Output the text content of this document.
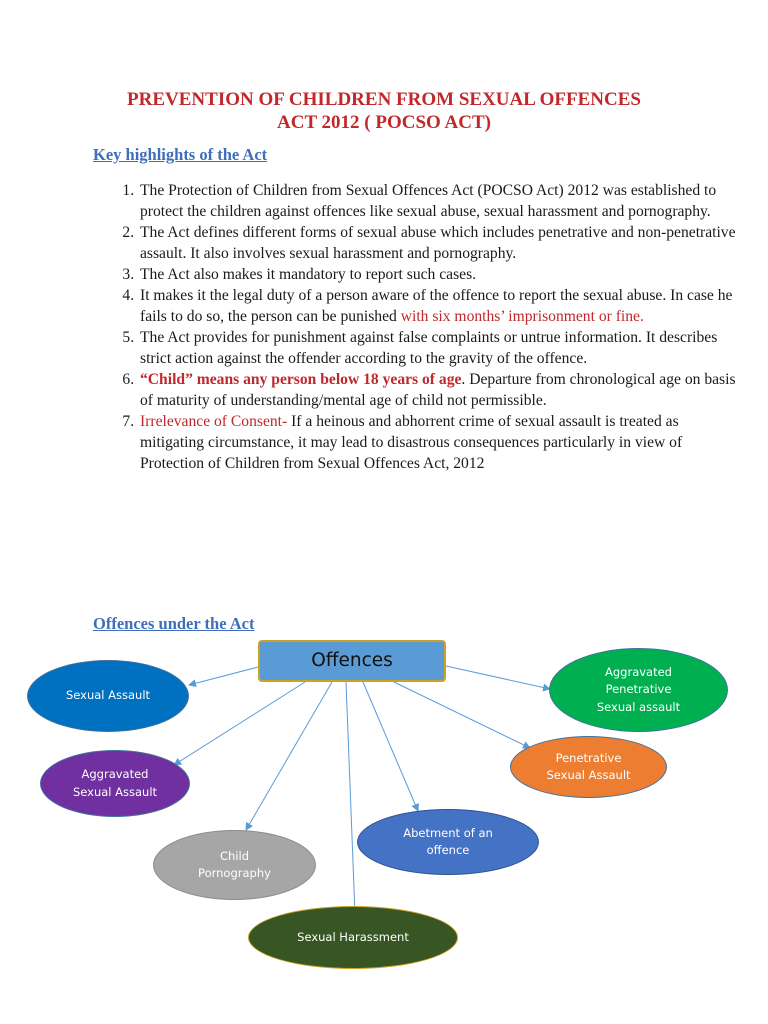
PREVENTION OF CHILDREN FROM SEXUAL OFFENCES
ACT 2012 ( POCSO ACT)
Key highlights of the Act
1. The Protection of Children from Sexual Offences Act (POCSO Act) 2012 was established to protect the children against offences like sexual abuse, sexual harassment and pornography.
2. The Act defines different forms of sexual abuse which includes penetrative and non-penetrative assault. It also involves sexual harassment and pornography.
3. The Act also makes it mandatory to report such cases.
4. It makes it the legal duty of a person aware of the offence to report the sexual abuse. In case he fails to do so, the person can be punished with six months’ imprisonment or fine.
5. The Act provides for punishment against false complaints or untrue information. It describes strict action against the offender according to the gravity of the offence.
6. “Child” means any person below 18 years of age. Departure from chronological age on basis of maturity of understanding/mental age of child not permissible.
7. Irrelevance of Consent- If a heinous and abhorrent crime of sexual assault is treated as mitigating circumstance, it may lead to disastrous consequences particularly in view of Protection of Children from Sexual Offences Act, 2012
Offences under the Act
Offences
Sexual Assault
Aggravated
Sexual Assault
Child
Pornography
Sexual Harassment
Abetment of an
offence
Penetrative
Sexual Assault
Aggravated
Penetrative
Sexual assault
